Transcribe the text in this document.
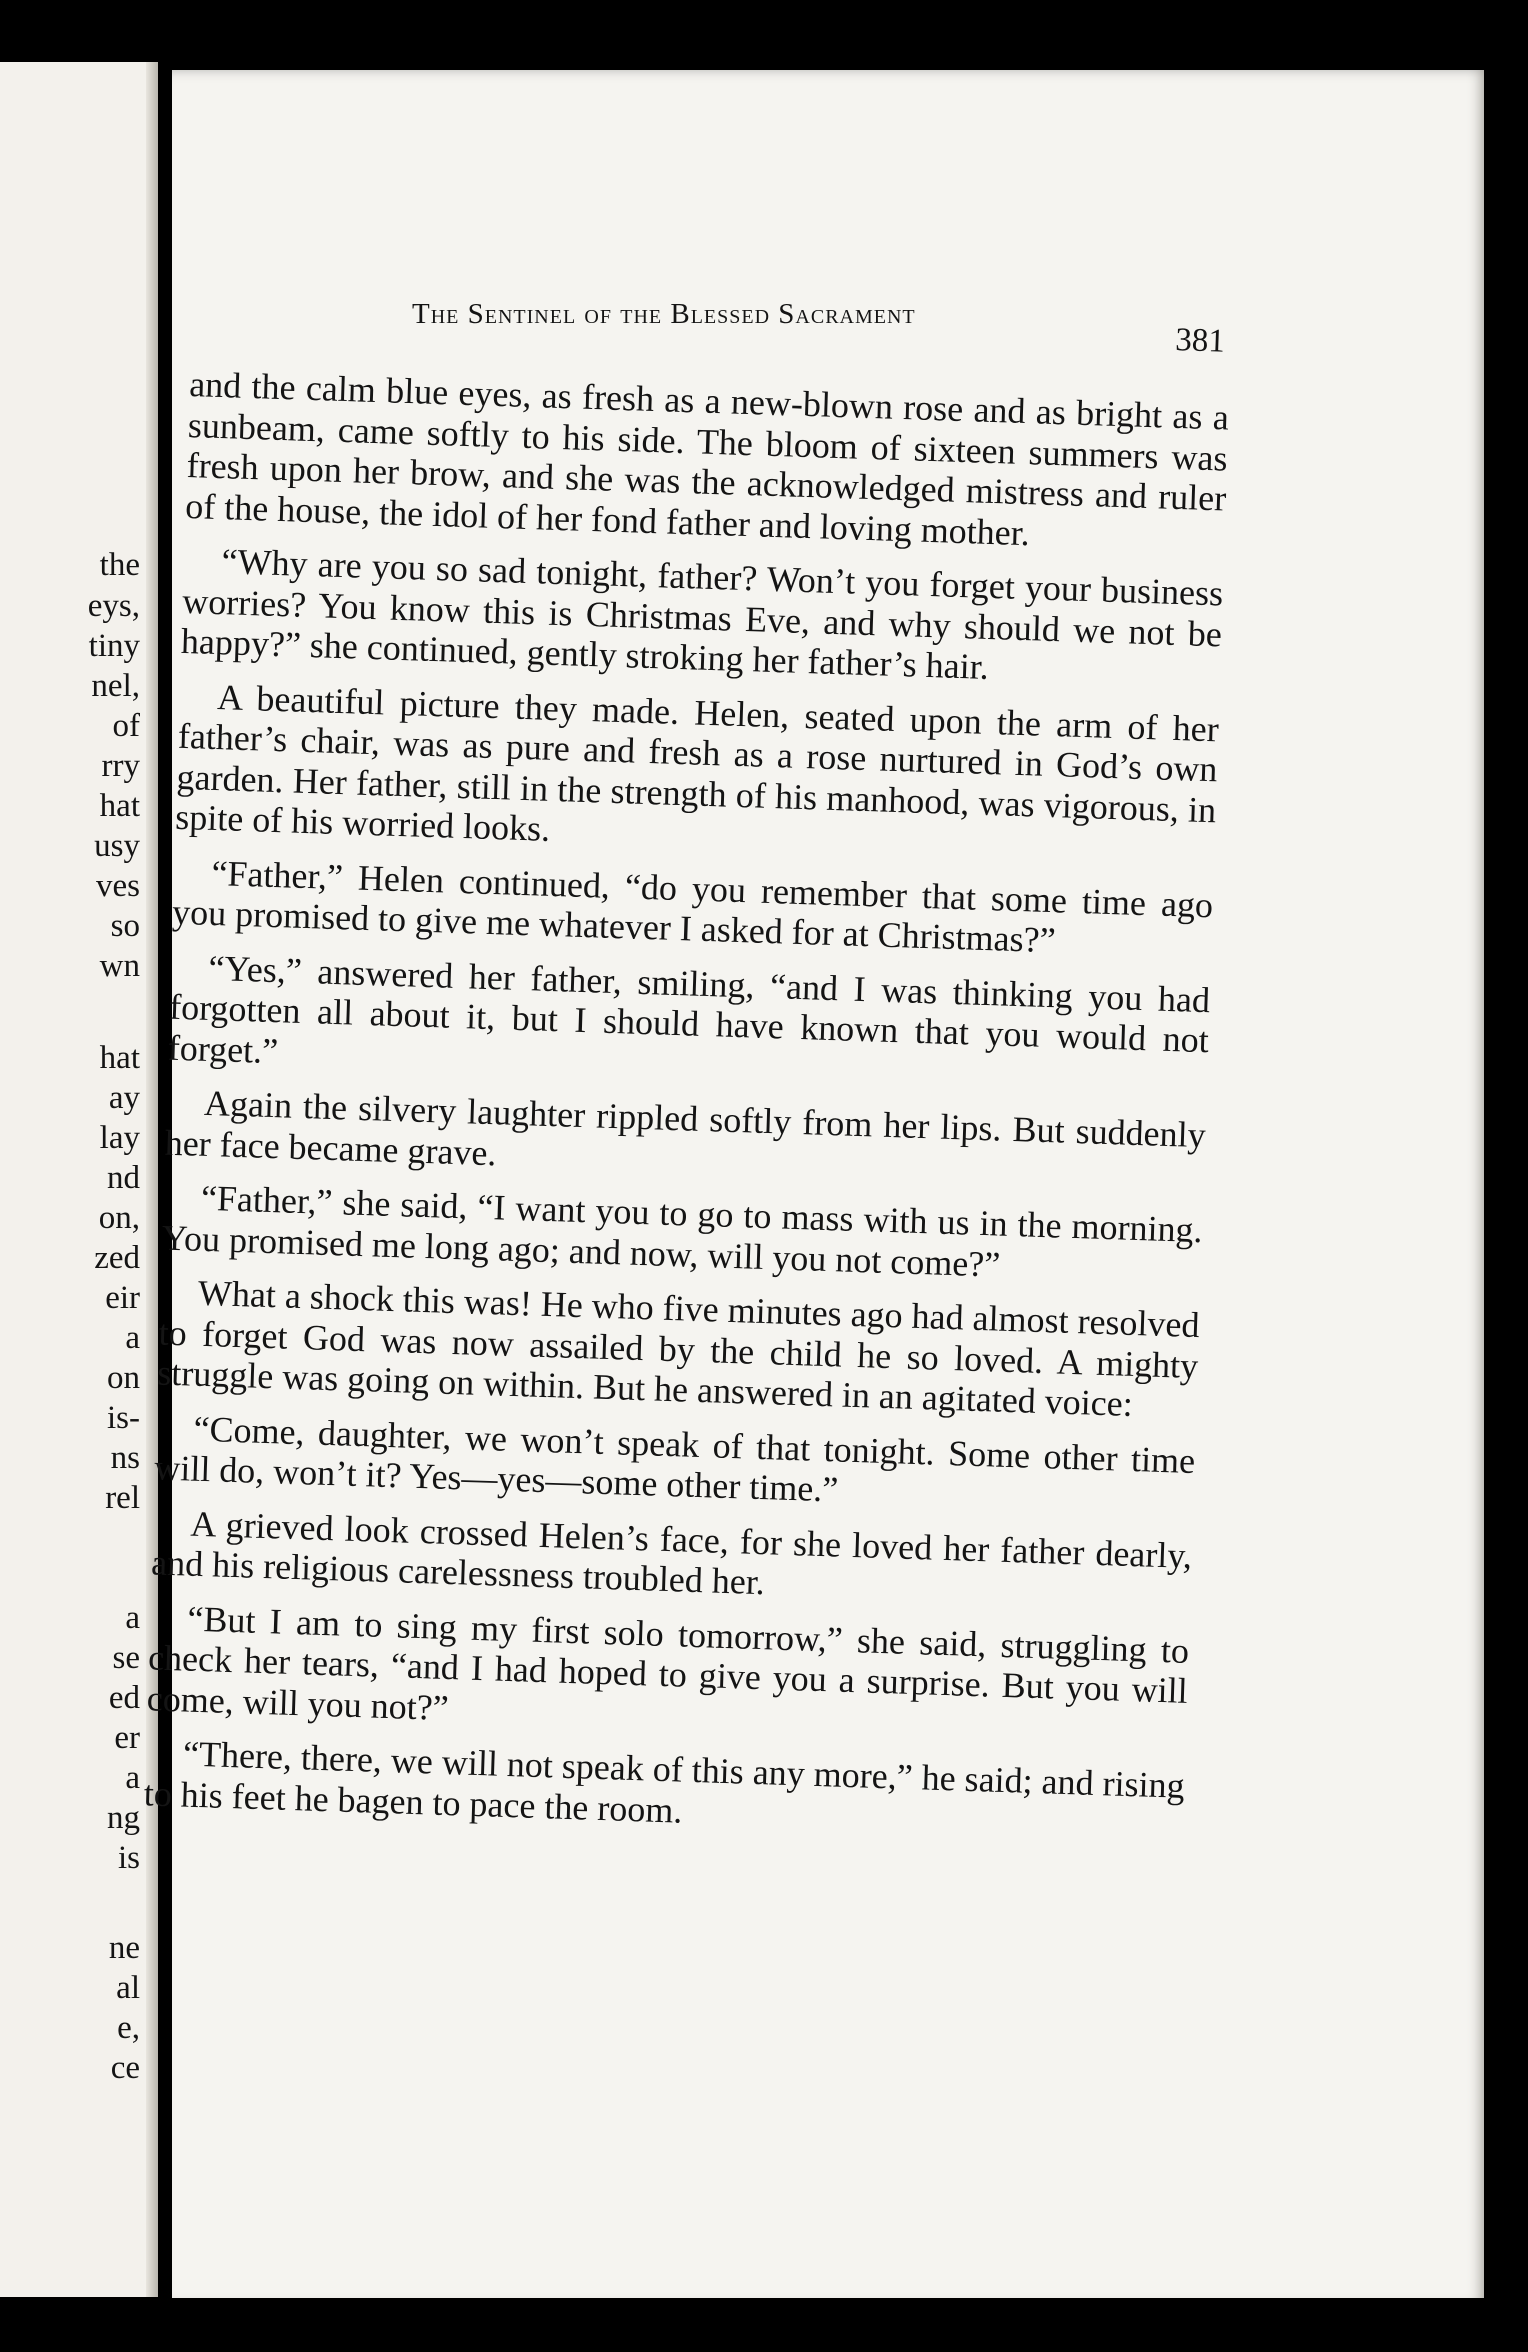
the
eys,
tiny
nel,
of
rry
hat
usy
ves
so
wn
hat
ay
lay
nd
on,
zed
eir
a
on
is-
ns
rel
a
se
ed
er
a
ng
is
ne
al
e,
ce
The Sentinel of the Blessed Sacrament
381

and the calm blue eyes, as fresh as a new-blown rose and as bright as a sunbeam, came softly to his side. The bloom of sixteen summers was fresh upon her brow, and she was the acknowledged mistress and ruler of the house, the idol of her fond father and loving mother.

“Why are you so sad tonight, father? Won’t you forget your business worries? You know this is Christmas Eve, and why should we not be happy?” she continued, gently stroking her father’s hair.

A beautiful picture they made. Helen, seated upon the arm of her father’s chair, was as pure and fresh as a rose nurtured in God’s own garden. Her father, still in the strength of his manhood, was vigorous, in spite of his worried looks.

“Father,” Helen continued, “do you remember that some time ago you promised to give me whatever I asked for at Christmas?”

“Yes,” answered her father, smiling, “and I was thinking you had forgotten all about it, but I should have known that you would not forget.”

Again the silvery laughter rippled softly from her lips. But suddenly her face became grave.

“Father,” she said, “I want you to go to mass with us in the morning. You promised me long ago; and now, will you not come?”

What a shock this was! He who five minutes ago had almost resolved to forget God was now assailed by the child he so loved. A mighty struggle was going on within. But he answered in an agitated voice:

“Come, daughter, we won’t speak of that tonight. Some other time will do, won’t it? Yes—yes—some other time.”

A grieved look crossed Helen’s face, for she loved her father dearly, and his religious carelessness troubled her.

“But I am to sing my first solo tomorrow,” she said, struggling to check her tears, “and I had hoped to give you a surprise. But you will come, will you not?”

“There, there, we will not speak of this any more,” he said; and rising to his feet he bagen to pace the room.
